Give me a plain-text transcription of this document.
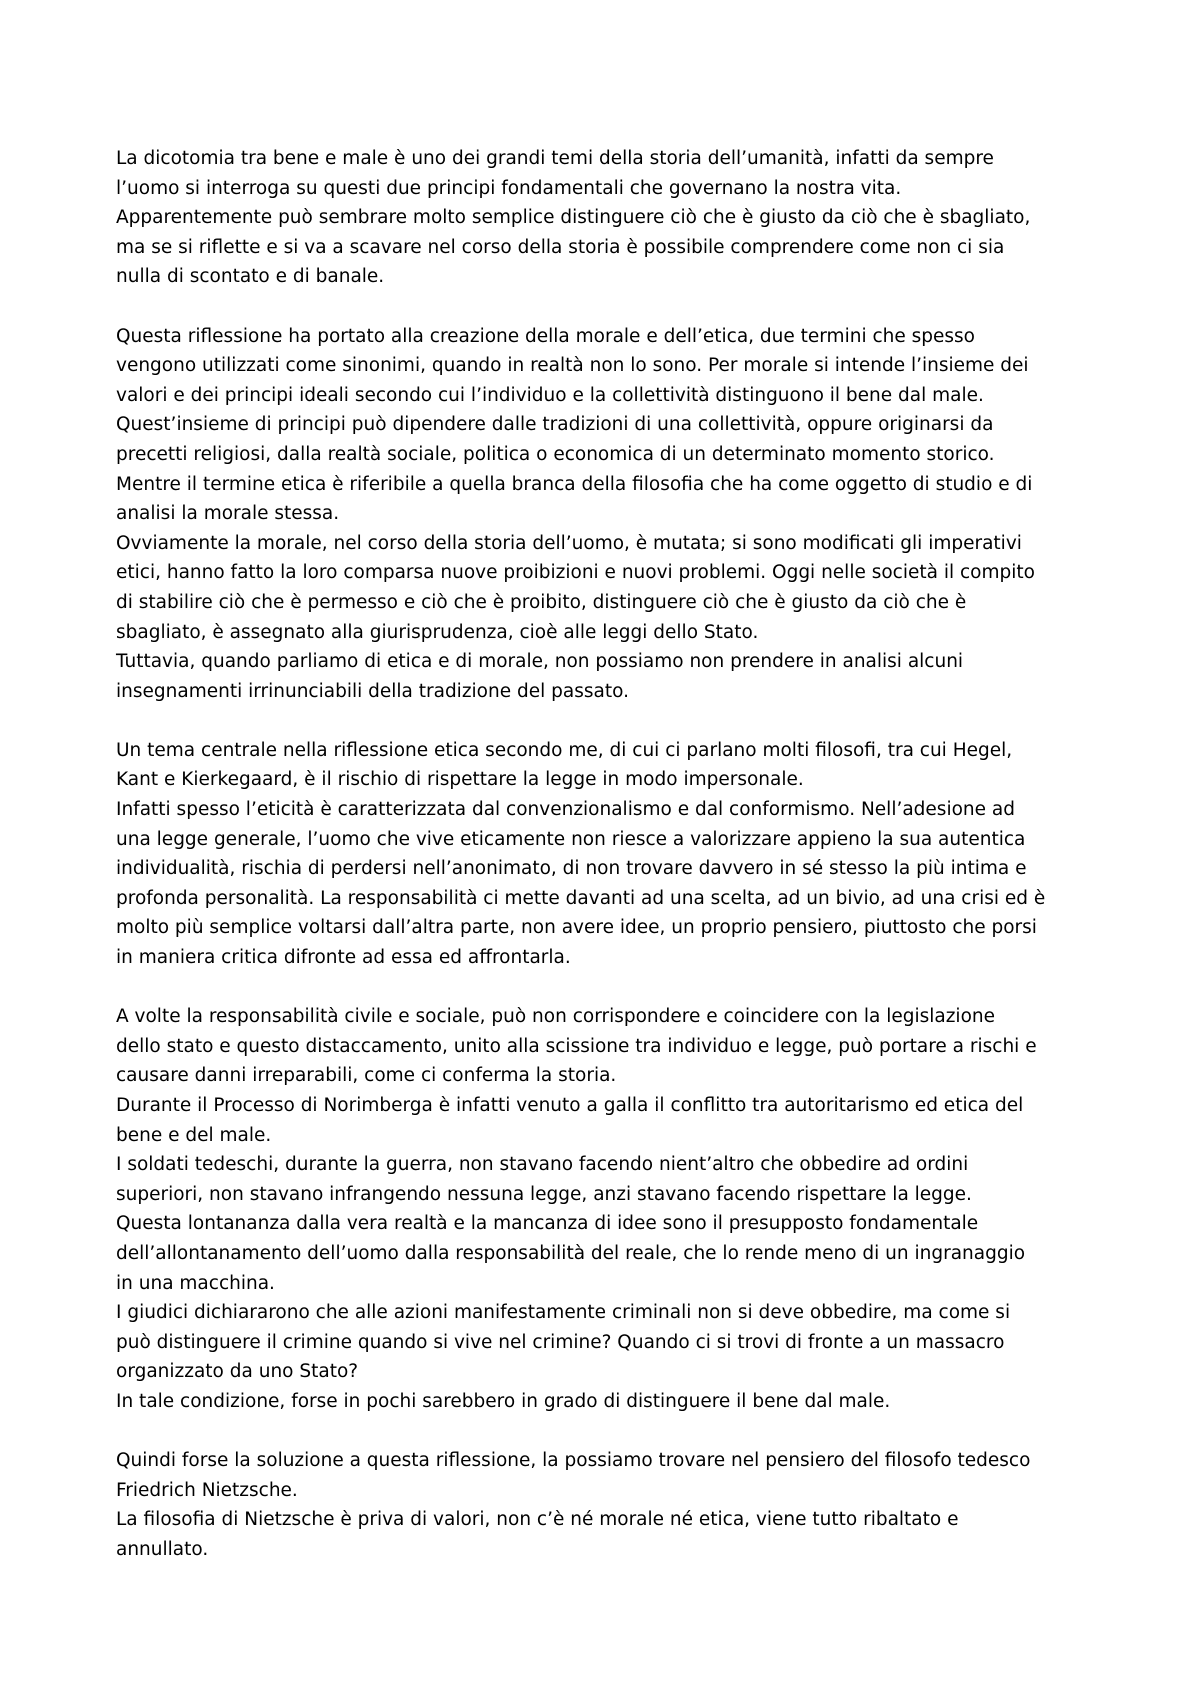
La dicotomia tra bene e male è uno dei grandi temi della storia dell’umanità, infatti da sempre
l’uomo si interroga su questi due principi fondamentali che governano la nostra vita.
Apparentemente può sembrare molto semplice distinguere ciò che è giusto da ciò che è sbagliato,
ma se si riflette e si va a scavare nel corso della storia è possibile comprendere come non ci sia
nulla di scontato e di banale.
Questa riflessione ha portato alla creazione della morale e dell’etica, due termini che spesso
vengono utilizzati come sinonimi, quando in realtà non lo sono. Per morale si intende l’insieme dei
valori e dei principi ideali secondo cui l’individuo e la collettività distinguono il bene dal male.
Quest’insieme di principi può dipendere dalle tradizioni di una collettività, oppure originarsi da
precetti religiosi, dalla realtà sociale, politica o economica di un determinato momento storico.
Mentre il termine etica è riferibile a quella branca della filosofia che ha come oggetto di studio e di
analisi la morale stessa.
Ovviamente la morale, nel corso della storia dell’uomo, è mutata; si sono modificati gli imperativi
etici, hanno fatto la loro comparsa nuove proibizioni e nuovi problemi. Oggi nelle società il compito
di stabilire ciò che è permesso e ciò che è proibito, distinguere ciò che è giusto da ciò che è
sbagliato, è assegnato alla giurisprudenza, cioè alle leggi dello Stato.
Tuttavia, quando parliamo di etica e di morale, non possiamo non prendere in analisi alcuni
insegnamenti irrinunciabili della tradizione del passato.
Un tema centrale nella riflessione etica secondo me, di cui ci parlano molti filosofi, tra cui Hegel,
Kant e Kierkegaard, è il rischio di rispettare la legge in modo impersonale.
Infatti spesso l’eticità è caratterizzata dal convenzionalismo e dal conformismo. Nell’adesione ad
una legge generale, l’uomo che vive eticamente non riesce a valorizzare appieno la sua autentica
individualità, rischia di perdersi nell’anonimato, di non trovare davvero in sé stesso la più intima e
profonda personalità. La responsabilità ci mette davanti ad una scelta, ad un bivio, ad una crisi ed è
molto più semplice voltarsi dall’altra parte, non avere idee, un proprio pensiero, piuttosto che porsi
in maniera critica difronte ad essa ed affrontarla.
A volte la responsabilità civile e sociale, può non corrispondere e coincidere con la legislazione
dello stato e questo distaccamento, unito alla scissione tra individuo e legge, può portare a rischi e
causare danni irreparabili, come ci conferma la storia.
Durante il Processo di Norimberga è infatti venuto a galla il conflitto tra autoritarismo ed etica del
bene e del male.
I soldati tedeschi, durante la guerra, non stavano facendo nient’altro che obbedire ad ordini
superiori, non stavano infrangendo nessuna legge, anzi stavano facendo rispettare la legge.
Questa lontananza dalla vera realtà e la mancanza di idee sono il presupposto fondamentale
dell’allontanamento dell’uomo dalla responsabilità del reale, che lo rende meno di un ingranaggio
in una macchina.
I giudici dichiararono che alle azioni manifestamente criminali non si deve obbedire, ma come si
può distinguere il crimine quando si vive nel crimine? Quando ci si trovi di fronte a un massacro
organizzato da uno Stato?
In tale condizione, forse in pochi sarebbero in grado di distinguere il bene dal male.
Quindi forse la soluzione a questa riflessione, la possiamo trovare nel pensiero del filosofo tedesco
Friedrich Nietzsche.
La filosofia di Nietzsche è priva di valori, non c’è né morale né etica, viene tutto ribaltato e
annullato.
